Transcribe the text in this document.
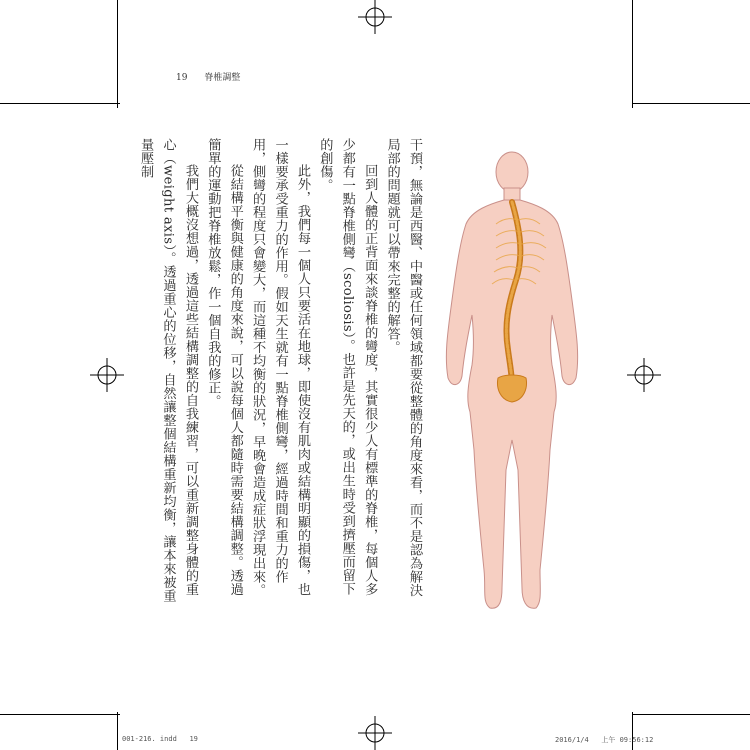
19 脊椎調整

干預，無論是西醫、中醫或任何領域都要從整體的角度來看，而不是認為解決局部的問題就可以帶來完整的解答。

回到人體的正背面來談脊椎的彎度，其實很少人有標準的脊椎，每個人多少都有一點脊椎側彎（scoliosis）。也許是先天的，或出生時受到擠壓而留下的創傷。

此外，我們每一個人只要活在地球，即使沒有肌肉或結構明顯的損傷，也一樣要承受重力的作用。假如天生就有一點脊椎側彎，經過時間和重力的作用，側彎的程度只會變大，而這種不均衡的狀況，早晚會造成症狀浮現出來。

從結構平衡與健康的角度來說，可以說每個人都隨時需要結構調整。透過簡單的運動把脊椎放鬆，作一個自我的修正。

我們大概沒想過，透過這些結構調整的自我練習，可以重新調整身體的重心（weight axis）。透過重心的位移，自然讓整個結構重新均衡，讓本來被重量壓制

001-216. indd 19	2016/1/4 上午 09:56:12
